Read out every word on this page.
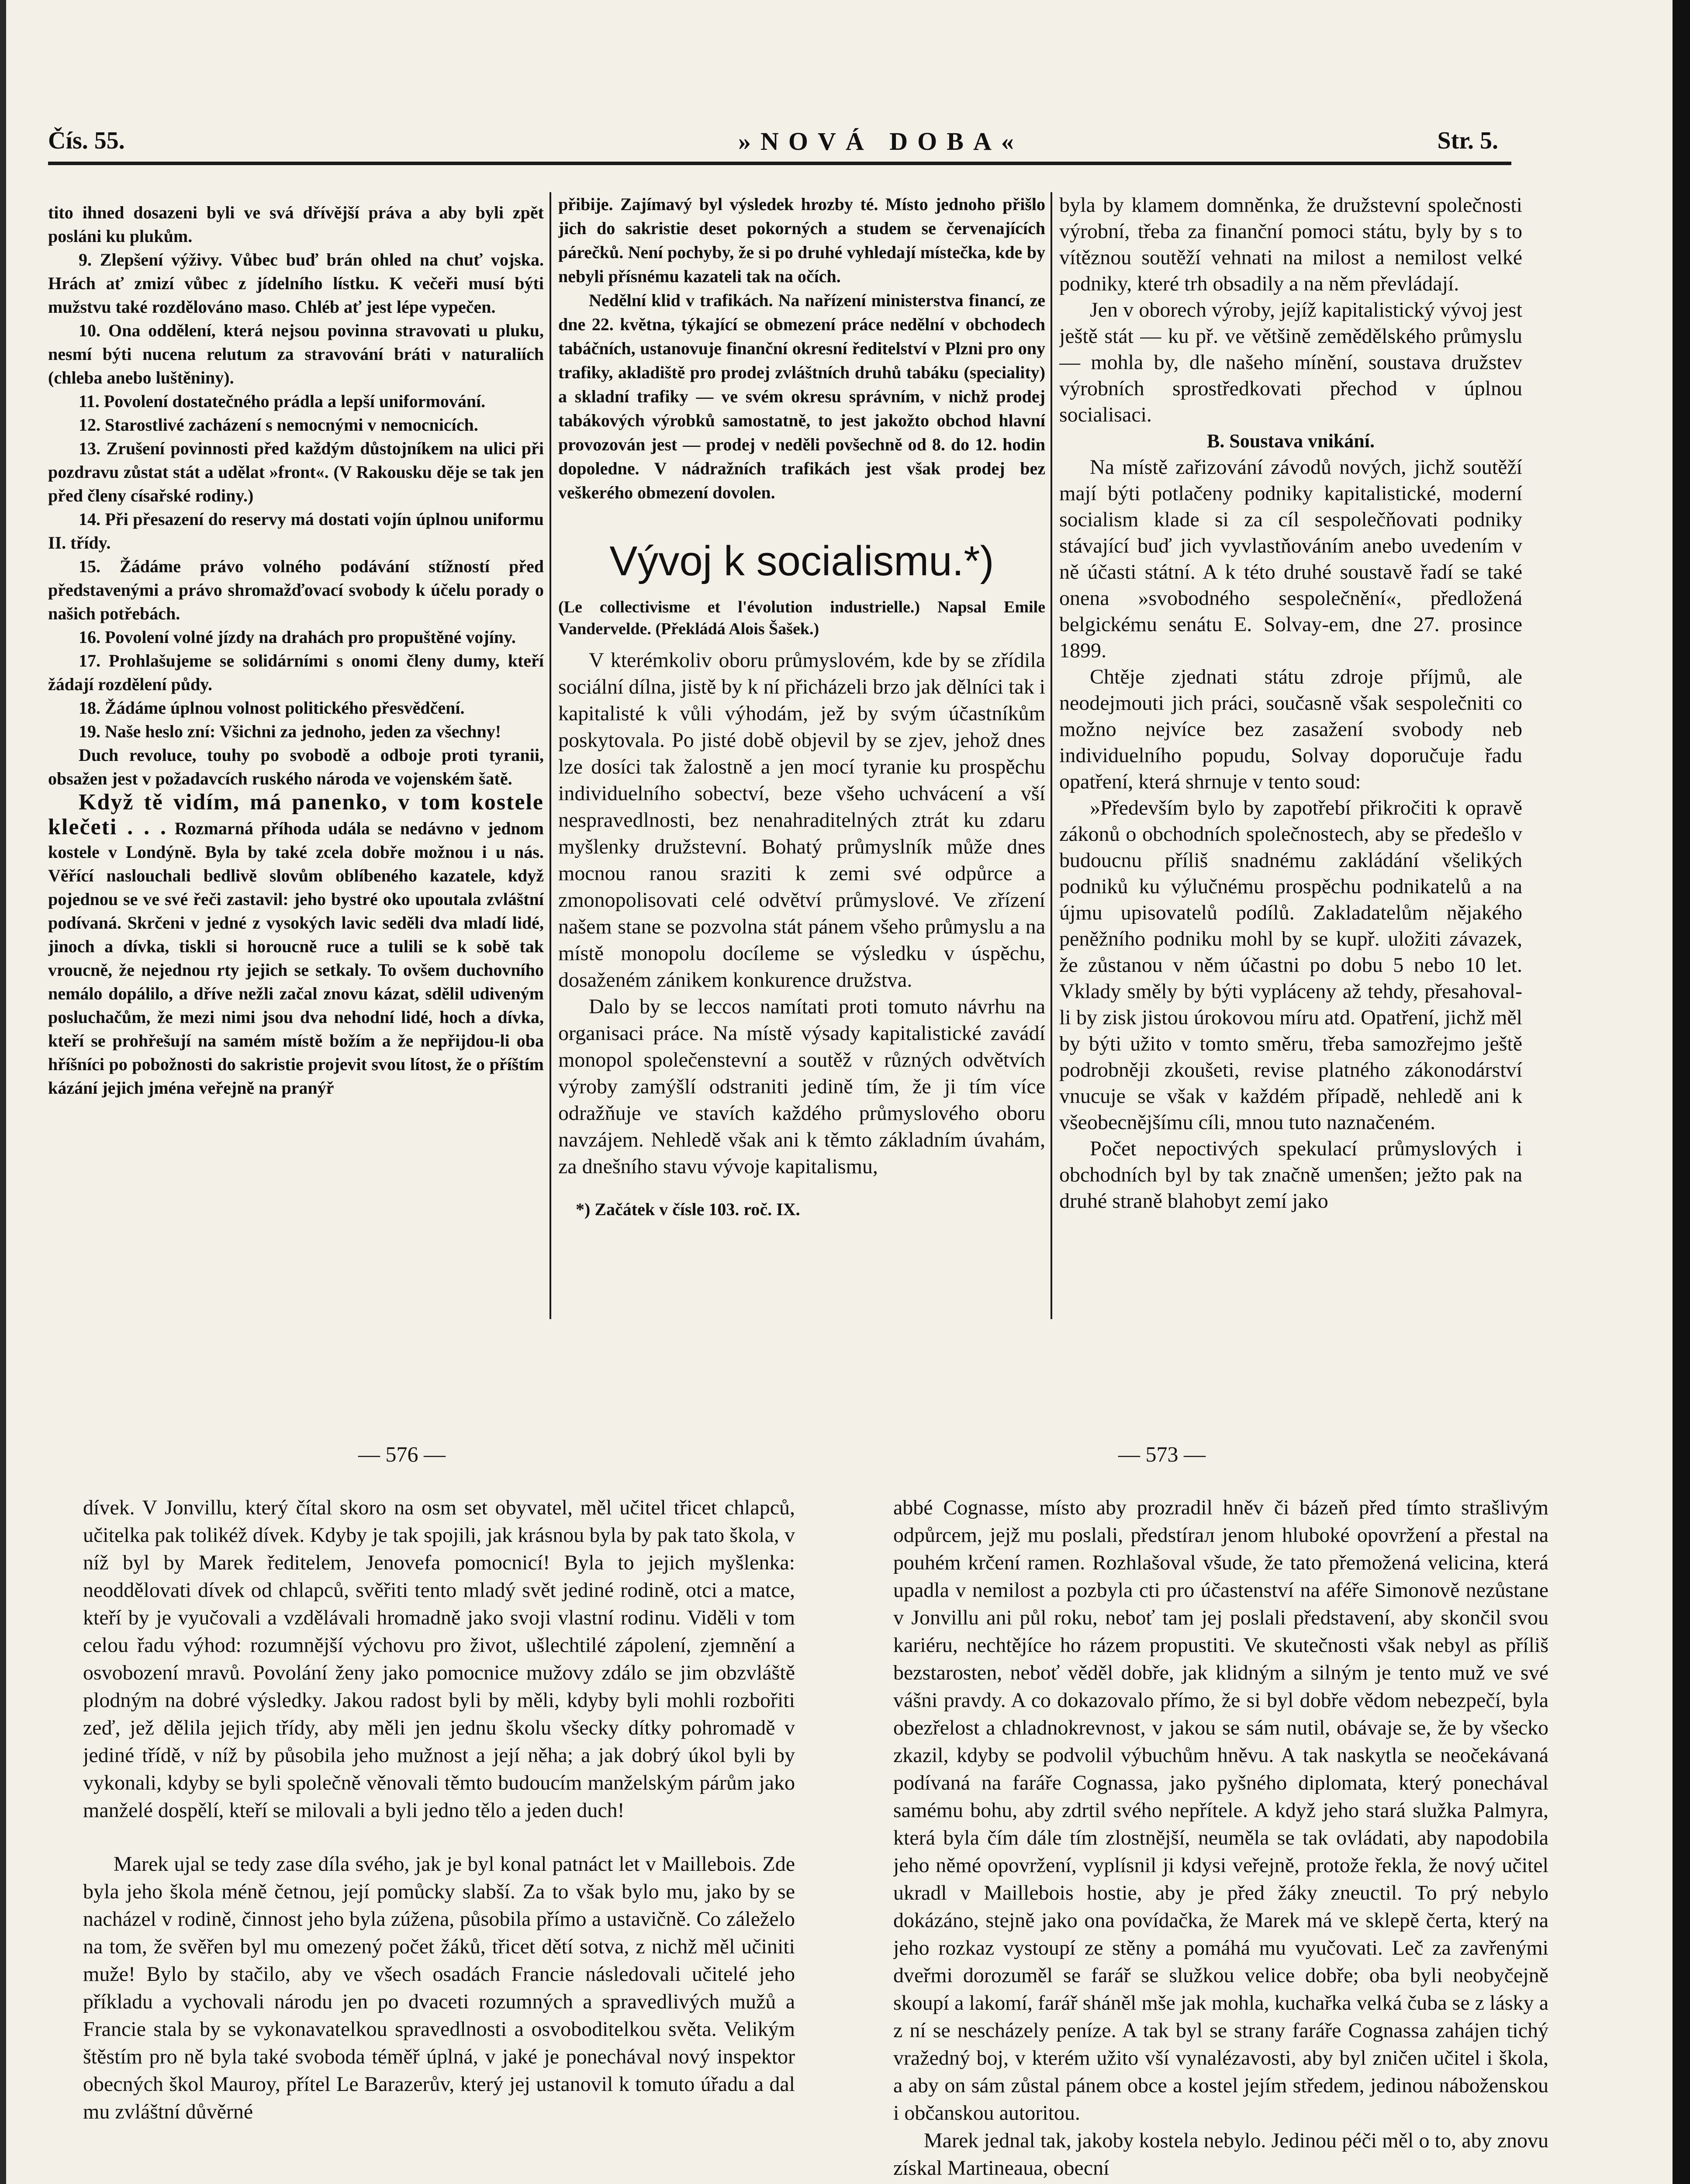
Čís. 55.	»NOVÁ DOBA«	Str. 5.

tito ihned dosazeni byli ve svá dřívější práva a aby byli zpět posláni ku plukům.

9. Zlepšení výživy. Vůbec buď brán ohled na chuť vojska. Hrách ať zmizí vůbec z jídelního lístku. K večeři musí býti mužstvu také rozdělováno maso. Chléb ať jest lépe vypečen.

10. Ona oddělení, která nejsou povinna stravovati u pluku, nesmí býti nucena relutum za stravování bráti v naturaliích (chleba anebo luštěniny).

11. Povolení dostatečného prádla a lepší uniformování.

12. Starostlivé zacházení s nemocnými v nemocnicích.

13. Zrušení povinnosti před každým důstojníkem na ulici při pozdravu zůstat stát a udělat »front«. (V Rakousku děje se tak jen před členy císařské rodiny.)

14. Při přesazení do reservy má dostati vojín úplnou uniformu II. třídy.

15. Žádáme právo volného podávání stížností před představenými a právo shromažďovací svobody k účelu porady o našich potřebách.

16. Povolení volné jízdy na drahách pro propuštěné vojíny.

17. Prohlašujeme se solidárními s onomi členy dumy, kteří žádají rozdělení půdy.

18. Žádáme úplnou volnost politického přesvědčení.

19. Naše heslo zní: Všichni za jednoho, jeden za všechny!

Duch revoluce, touhy po svobodě a odboje proti tyranii, obsažen jest v požadavcích ruského národa ve vojenském šatě.

Když tě vidím, má panenko, v tom kostele klečeti . . . Rozmarná příhoda udála se nedávno v jednom kostele v Londýně. Byla by také zcela dobře možnou i u nás. Věřící naslouchali bedlivě slovům oblíbeného kazatele, když pojednou se ve své řeči zastavil: jeho bystré oko upoutala zvláštní podívaná. Skrčeni v jedné z vysokých lavic seděli dva mladí lidé, jinoch a dívka, tiskli si horoucně ruce a tulili se k sobě tak vroucně, že nejednou rty jejich se setkaly. To ovšem duchovního nemálo dopálilo, a dříve nežli začal znovu kázat, sdělil udiveným posluchačům, že mezi nimi jsou dva nehodní lidé, hoch a dívka, kteří se prohřešují na samém místě božím a že nepřijdou-li oba hříšníci po pobožnosti do sakristie projevit svou lítost, že o příštím kázání jejich jména veřejně na pranýř

přibije. Zajímavý byl výsledek hrozby té. Místo jednoho přišlo jich do sakristie deset pokorných a studem se červenajících párečků. Není pochyby, že si po druhé vyhledají místečka, kde by nebyli přísnému kazateli tak na očích.

Nedělní klid v trafikách. Na nařízení ministerstva financí, ze dne 22. května, týkající se obmezení práce nedělní v obchodech tabáčních, ustanovuje finanční okresní ředitelství v Plzni pro ony trafiky, akladiště pro prodej zvláštních druhů tabáku (speciality) a skladní trafiky — ve svém okresu správním, v nichž prodej tabákových výrobků samostatně, to jest jakožto obchod hlavní provozován jest — prodej v neděli povšechně od 8. do 12. hodin dopoledne. V nádražních trafikách jest však prodej bez veškerého obmezení dovolen.

Vývoj k socialismu.*)

(Le collectivisme et l'évolution industrielle.) Napsal Emile Vandervelde. (Překládá Alois Šašek.)

V kterémkoliv oboru průmyslovém, kde by se zřídila sociální dílna, jistě by k ní přicházeli brzo jak dělníci tak i kapitalisté k vůli výhodám, jež by svým účastníkům poskytovala. Po jisté době objevil by se zjev, jehož dnes lze dosíci tak žalostně a jen mocí tyranie ku prospěchu individuelního sobectví, beze všeho uchvácení a vší nespravedlnosti, bez nenahraditelných ztrát ku zdaru myšlenky družstevní. Bohatý průmyslník může dnes mocnou ranou sraziti k zemi své odpůrce a zmonopolisovati celé odvětví průmyslové. Ve zřízení našem stane se pozvolna stát pánem všeho průmyslu a na místě monopolu docíleme se výsledku v úspěchu, dosaženém zánikem konkurence družstva.

Dalo by se leccos namítati proti tomuto návrhu na organisaci práce. Na místě výsady kapitalistické zavádí monopol společenstevní a soutěž v různých odvětvích výroby zamýšlí odstraniti jedině tím, že ji tím více odražňuje ve stavích každého průmyslového oboru navzájem. Nehledě však ani k těmto základním úvahám, za dnešního stavu vývoje kapitalismu,

*) Začátek v čísle 103. roč. IX.

byla by klamem domněnka, že družstevní společnosti výrobní, třeba za finanční pomoci státu, byly by s to vítěznou soutěží vehnati na milost a nemilost velké podniky, které trh obsadily a na něm převládají.

Jen v oborech výroby, jejíž kapitalistický vývoj jest ještě stát — ku př. ve většině zemědělského průmyslu — mohla by, dle našeho mínění, soustava družstev výrobních sprostředkovati přechod v úplnou socialisaci.

B. Soustava vnikání.

Na místě zařizování závodů nových, jichž soutěží mají býti potlačeny podniky kapitalistické, moderní socialism klade si za cíl sespolečňovati podniky stávající buď jich vyvlastňováním anebo uvedením v ně účasti státní. A k této druhé soustavě řadí se také onena »svobodného sespolečnění«, předložená belgickému senátu E. Solvay-em, dne 27. prosince 1899.

Chtěje zjednati státu zdroje příjmů, ale neodejmouti jich práci, současně však sespolečniti co možno nejvíce bez zasažení svobody neb individuelního popudu, Solvay doporučuje řadu opatření, která shrnuje v tento soud:

»Především bylo by zapotřebí přikročiti k opravě zákonů o obchodních společnostech, aby se předešlo v budoucnu příliš snadnému zakládání všelikých podniků ku výlučnému prospěchu podnikatelů a na újmu upisovatelů podílů. Zakladatelům nějakého peněžního podniku mohl by se kupř. uložiti závazek, že zůstanou v něm účastni po dobu 5 nebo 10 let. Vklady směly by býti vypláceny až tehdy, přesahoval-li by zisk jistou úrokovou míru atd. Opatření, jichž měl by býti užito v tomto směru, třeba samozřejmo ještě podrobněji zkoušeti, revise platného zákonodárství vnucuje se však v každém případě, nehledě ani k všeobecnějšímu cíli, mnou tuto naznačeném.

Počet nepoctivých spekulací průmyslových i obchodních byl by tak značně umenšen; ježto pak na druhé straně blahobyt zemí jako

— 576 —	— 573 —

dívek. V Jonvillu, který čítal skoro na osm set obyvatel, měl učitel třicet chlapců, učitelka pak tolikéž dívek. Kdyby je tak spojili, jak krásnou byla by pak tato škola, v níž byl by Marek ředitelem, Jenovefa pomocnicí! Byla to jejich myšlenka: neoddělovati dívek od chlapců, svěřiti tento mladý svět jediné rodině, otci a matce, kteří by je vyučovali a vzdělávali hromadně jako svoji vlastní rodinu. Viděli v tom celou řadu výhod: rozumnější výchovu pro život, ušlechtilé zápolení, zjemnění a osvobození mravů. Povolání ženy jako pomocnice mužovy zdálo se jim obzvláště plodným na dobré výsledky. Jakou radost byli by měli, kdyby byli mohli rozbořiti zeď, jež dělila jejich třídy, aby měli jen jednu školu všecky dítky pohromadě v jediné třídě, v níž by působila jeho mužnost a její něha; a jak dobrý úkol byli by vykonali, kdyby se byli společně věnovali těmto budoucím manželským párům jako manželé dospělí, kteří se milovali a byli jedno tělo a jeden duch!

Marek ujal se tedy zase díla svého, jak je byl konal patnáct let v Maillebois. Zde byla jeho škola méně četnou, její pomůcky slabší. Za to však bylo mu, jako by se nacházel v rodině, činnost jeho byla zúžena, působila přímo a ustavičně. Co záleželo na tom, že svěřen byl mu omezený počet žáků, třicet dětí sotva, z nichž měl učiniti muže! Bylo by stačilo, aby ve všech osadách Francie následovali učitelé jeho příkladu a vychovali národu jen po dvaceti rozumných a spravedlivých mužů a Francie stala by se vykonavatelkou spravedlnosti a osvoboditelkou světa. Velikým štěstím pro ně byla také svoboda téměř úplná, v jaké je ponechával nový inspektor obecných škol Mauroy, přítel Le Barazerův, který jej ustanovil k tomuto úřadu a dal mu zvláštní důvěrné

abbé Cognasse, místo aby prozradil hněv či bázeň před tímto strašlivým odpůrcem, jejž mu poslali, předstírал jenom hluboké opovržení a přestal na pouhém krčení ramen. Rozhlašoval všude, že tato přemožená velicina, která upadla v nemilost a pozbyla cti pro účastenství na aféře Simonově nezůstane v Jonvillu ani půl roku, neboť tam jej poslali představení, aby skončil svou kariéru, nechtějíce ho rázem propustiti. Ve skutečnosti však nebyl as příliš bezstarosten, neboť věděl dobře, jak klidným a silným je tento muž ve své vášni pravdy. A co dokazovalo přímo, že si byl dobře vědom nebezpečí, byla obezřelost a chladnokrevnost, v jakou se sám nutil, obávaje se, že by všecko zkazil, kdyby se podvolil výbuchům hněvu. A tak naskytla se neočekávaná podívaná na faráře Cognassa, jako pyšného diplomata, který ponechával samému bohu, aby zdrtil svého nepřítele. A když jeho stará služka Palmyra, která byla čím dále tím zlostnější, neuměla se tak ovládati, aby napodobila jeho němé opovržení, vyplísnil ji kdysi veřejně, protože řekla, že nový učitel ukradl v Maillebois hostie, aby je před žáky zneuctil. To prý nebylo dokázáno, stejně jako ona povídačka, že Marek má ve sklepě čerta, který na jeho rozkaz vystoupí ze stěny a pomáhá mu vyučovati. Leč za zavřenými dveřmi dorozuměl se farář se služkou velice dobře; oba byli neobyčejně skoupí a lakomí, farář sháněl mše jak mohla, kuchařka velká čuba se z lásky a z ní se nescházely peníze. A tak byl se strany faráře Cognassa zahájen tichý vražedný boj, v kterém užito vší vynalézavosti, aby byl zničen učitel i škola, a aby on sám zůstal pánem obce a kostel jejím středem, jedinou náboženskou i občanskou autoritou.

Marek jednal tak, jakoby kostela nebylo. Jedinou péči měl o to, aby znovu získal Martineaua, obecní
